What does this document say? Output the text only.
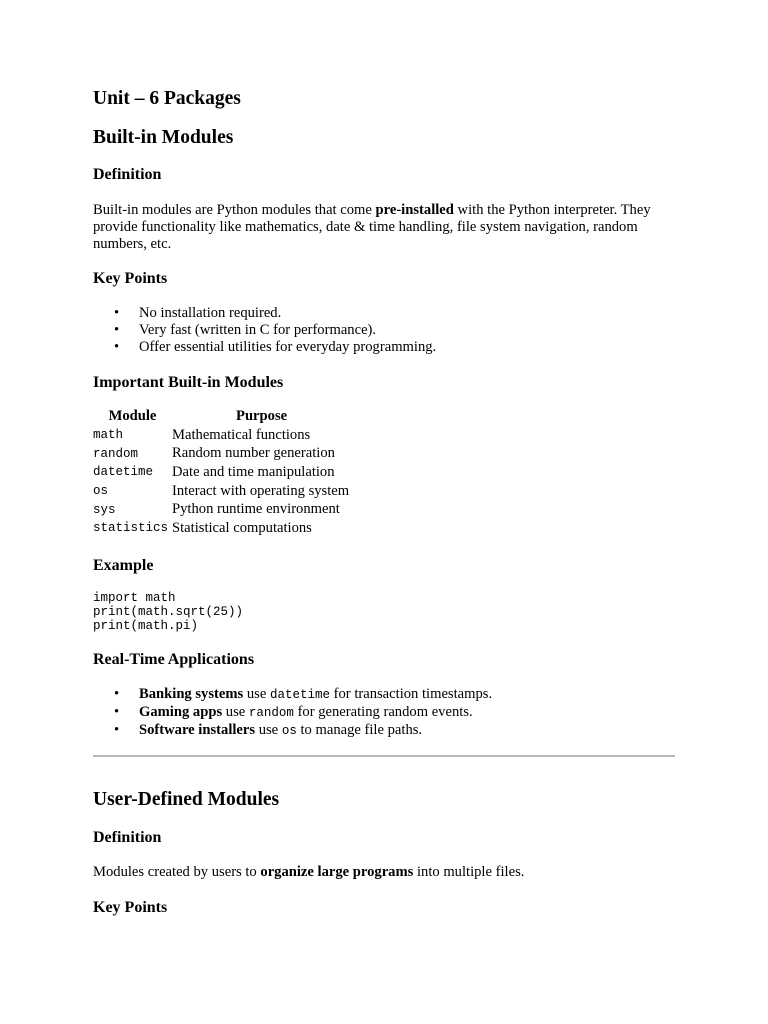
Unit – 6 Packages
Built-in Modules
Definition

Built-in modules are Python modules that come pre-installed with the Python interpreter. They provide functionality like mathematics, date & time handling, file system navigation, random numbers, etc.

Key Points
• No installation required.
• Very fast (written in C for performance).
• Offer essential utilities for everyday programming.
Important Built-in Modules
Module	Purpose
math	Mathematical functions
random	Random number generation
datetime	Date and time manipulation
os	Interact with operating system
sys	Python runtime environment
statistics	Statistical computations
Example
import math
print(math.sqrt(25))
print(math.pi)
Real-Time Applications
• Banking systems use datetime for transaction timestamps.
• Gaming apps use random for generating random events.
• Software installers use os to manage file paths.
User-Defined Modules
Definition

Modules created by users to organize large programs into multiple files.

Key Points
